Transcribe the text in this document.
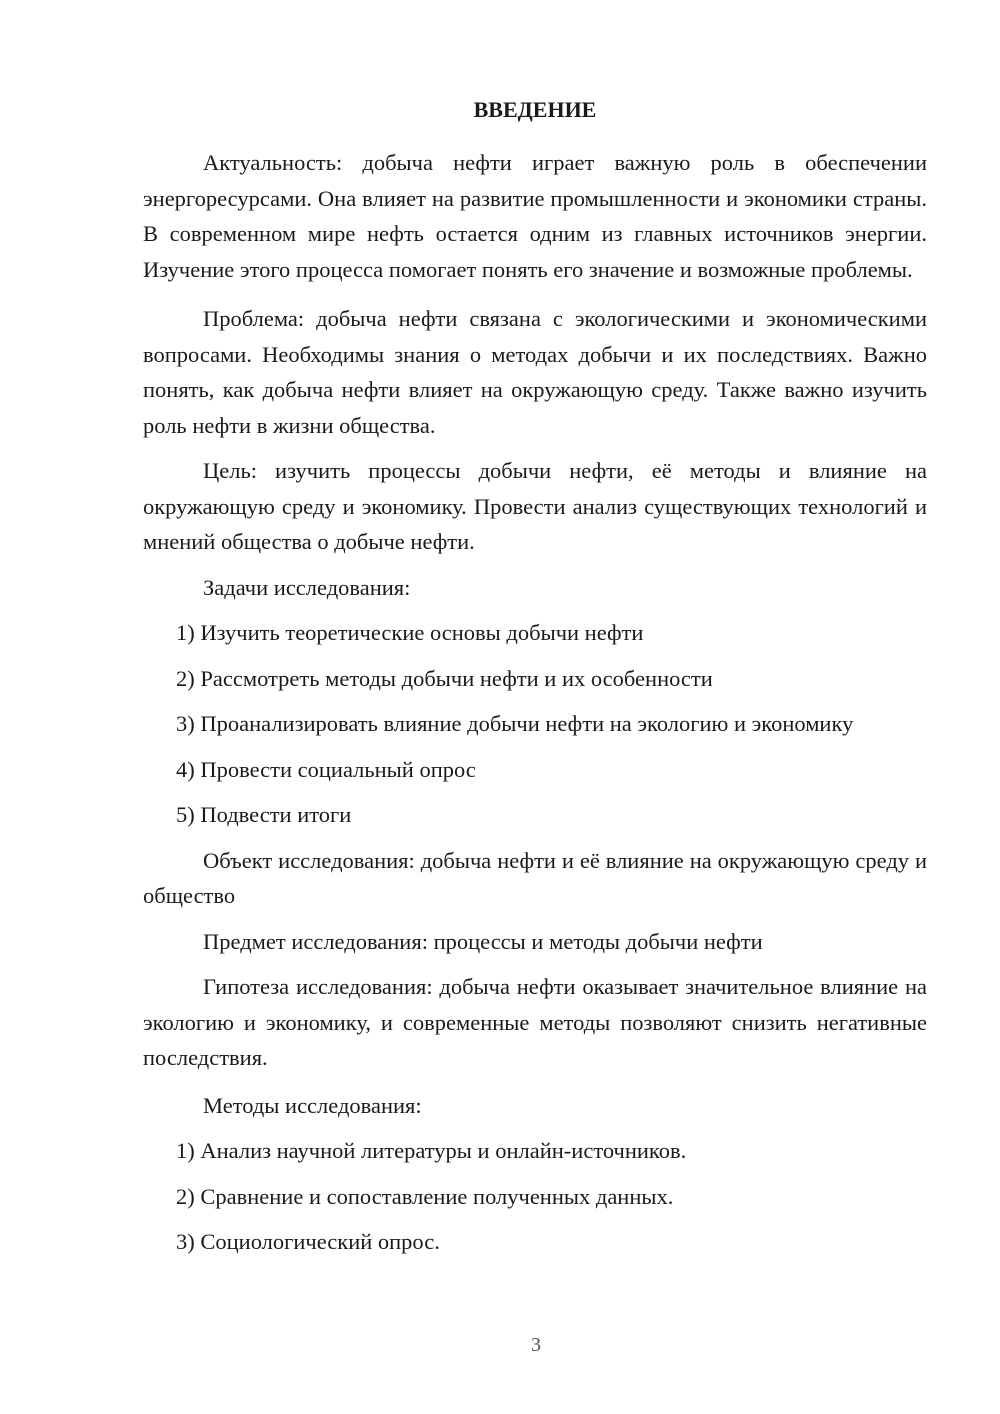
ВВЕДЕНИЕ

Актуальность: добыча нефти играет важную роль в обеспечении энергоресурсами. Она влияет на развитие промышленности и экономики страны. В современном мире нефть остается одним из главных источников энергии. Изучение этого процесса помогает понять его значение и возможные проблемы.

Проблема: добыча нефти связана с экологическими и экономическими вопросами. Необходимы знания о методах добычи и их последствиях. Важно понять, как добыча нефти влияет на окружающую среду. Также важно изучить роль нефти в жизни общества.

Цель: изучить процессы добычи нефти, её методы и влияние на окружающую среду и экономику. Провести анализ существующих технологий и мнений общества о добыче нефти.

Задачи исследования:

1) Изучить теоретические основы добычи нефти

2) Рассмотреть методы добычи нефти и их особенности

3) Проанализировать влияние добычи нефти на экологию и экономику

4) Провести социальный опрос

5) Подвести итоги

Объект исследования: добыча нефти и её влияние на окружающую среду и общество

Предмет исследования: процессы и методы добычи нефти

Гипотеза исследования: добыча нефти оказывает значительное влияние на экологию и экономику, и современные методы позволяют снизить негативные последствия.

Методы исследования:

1) Анализ научной литературы и онлайн-источников.

2) Сравнение и сопоставление полученных данных.

3) Социологический опрос.

3
